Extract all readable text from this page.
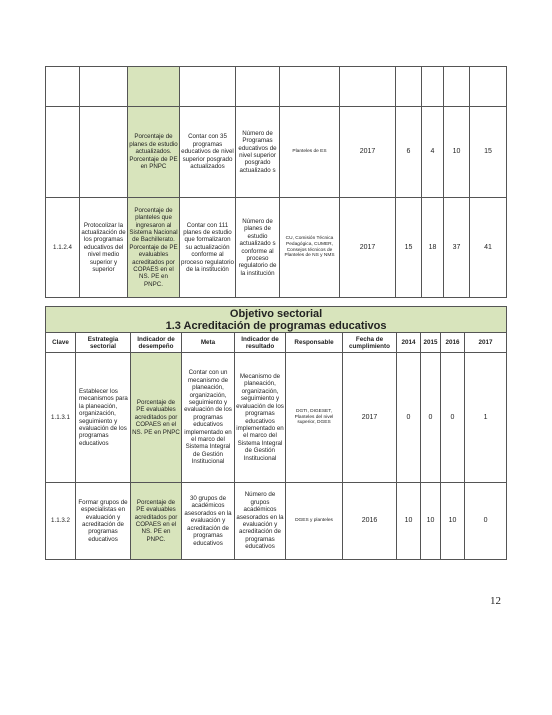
		Porcentaje de planes de estudio actualizados. Porcentaje de PE en PNPC	Contar con 35 programas educativos de nivel superior posgrado actualizados	Número de Programas educativos de nivel superior posgrado actualizado s	Planteles de ES	2017	6	4	10	15
1.1.2.4	Protocolizar la actualización de los programas educativos del nivel medio superior y superior	Porcentaje de planteles que ingresaron al Sistema Nacional de Bachillerato. Porcentaje de PE evaluables acreditados por COPAES en el NS. PE en PNPC.	Contar con 111 planes de estudio que formalizaron su actualización conforme al proceso regulatorio de la institución	Número de planes de estudio actualizado s conforme al proceso regulatorio de la institución	CU, Comisión Técnica Pedagógica, CUMER, Consejos técnicos de Planteles de NS y NMS	2017	15	18	37	41
Objetivo sectorial
1.3 Acreditación de programas educativos										

Clave	Estrategia sectorial	Indicador de desempeño	Meta	Indicador de resultado	Responsable	Fecha de cumplimiento	2014	2015	2016	2017
1.1.3.1	Establecer los mecanismos para la planeación, organización, seguimiento y evaluación de los programas educativos	Porcentaje de PE evaluables acreditados por COPAES en el NS. PE en PNPC	Contar con un mecanismo de planeación, organización, seguimiento y evaluación de los programas educativos implementado en el marco del Sistema Integral de Gestión Institucional	Mecanismo de planeación, organización, seguimiento y evaluación de los programas educativos implementado en el marco del Sistema Integral de Gestión Institucional	DGTI, DIGESET, Planteles del nivel superior, DGES	2017	0	0	0	1
1.1.3.2	Formar grupos de especialistas en evaluación y acreditación de programas educativos	Porcentaje de PE evaluables acreditados por COPAES en el NS. PE en PNPC.	30 grupos de académicos asesorados en la evaluación y acreditación de programas educativos	Número de grupos académicos asesorados en la evaluación y acreditación de programas educativos	DGES y planteles	2016	10	10	10	0
12
